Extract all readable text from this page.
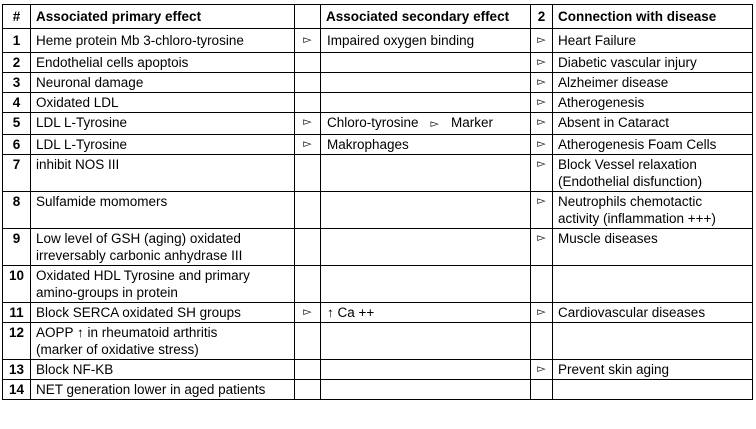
#	Associated primary effect		Associated secondary effect	2	Connection with disease
1	Heme protein Mb 3-chloro-tyrosine	▻	Impaired oxygen binding	▻	Heart Failure
2	Endothelial cells apoptois			▻	Diabetic vascular injury
3	Neuronal damage			▻	Alzheimer disease
4	Oxidated LDL			▻	Atherogenesis
5	LDL L-Tyrosine	▻	Chloro-tyrosine ▻ Marker	▻	Absent in Cataract
6	LDL L-Tyrosine	▻	Makrophages	▻	Atherogenesis Foam Cells
7	inhibit NOS III			▻	Block Vessel relaxation
(Endothelial disfunction)
8	Sulfamide momomers			▻	Neutrophils chemotactic
activity (inflammation +++)
9	Low level of GSH (aging) oxidated
irreversably carbonic anhydrase III			▻	Muscle diseases
10	Oxidated HDL Tyrosine and primary
amino-groups in protein				
11	Block SERCA oxidated SH groups	▻	↑ Ca ++	▻	Cardiovascular diseases
12	AOPP ↑ in rheumatoid arthritis
(marker of oxidative stress)				
13	Block NF-KB			▻	Prevent skin aging
14	NET generation lower in aged patients				
